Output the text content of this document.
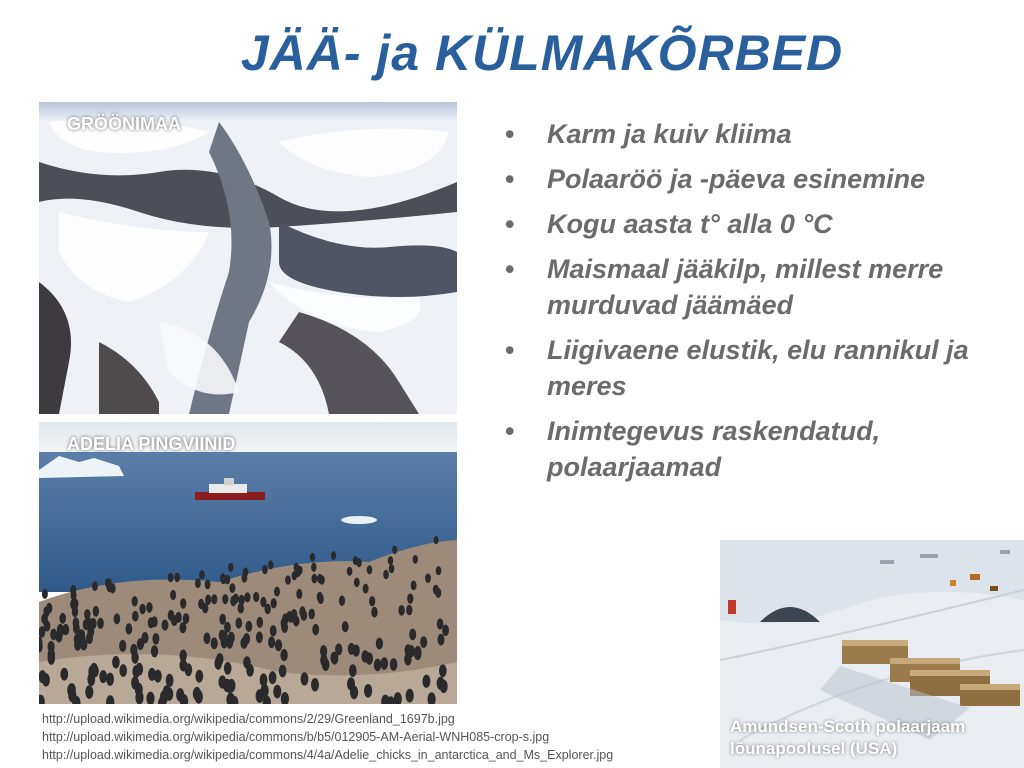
JÄÄ- ja KÜLMAKÕRBED
GRÖÖNIMAA
ADELIA PINGVIINID
• Karm ja kuiv kliima
• Polaaröö ja -päeva esinemine
• Kogu aasta t° alla 0 °C
• Maismaal jääkilp, millest merre murduvad jäämäed
• Liigivaene elustik, elu rannikul ja meres
• Inimtegevus raskendatud, polaarjaamad
Amundsen-Scoth polaarjaam
lõunapoolusel (USA)
http://upload.wikimedia.org/wikipedia/commons/2/29/Greenland_1697b.jpg
http://upload.wikimedia.org/wikipedia/commons/b/b5/012905-AM-Aerial-WNH085-crop-s.jpg
http://upload.wikimedia.org/wikipedia/commons/4/4a/Adelie_chicks_in_antarctica_and_Ms_Explorer.jpg
